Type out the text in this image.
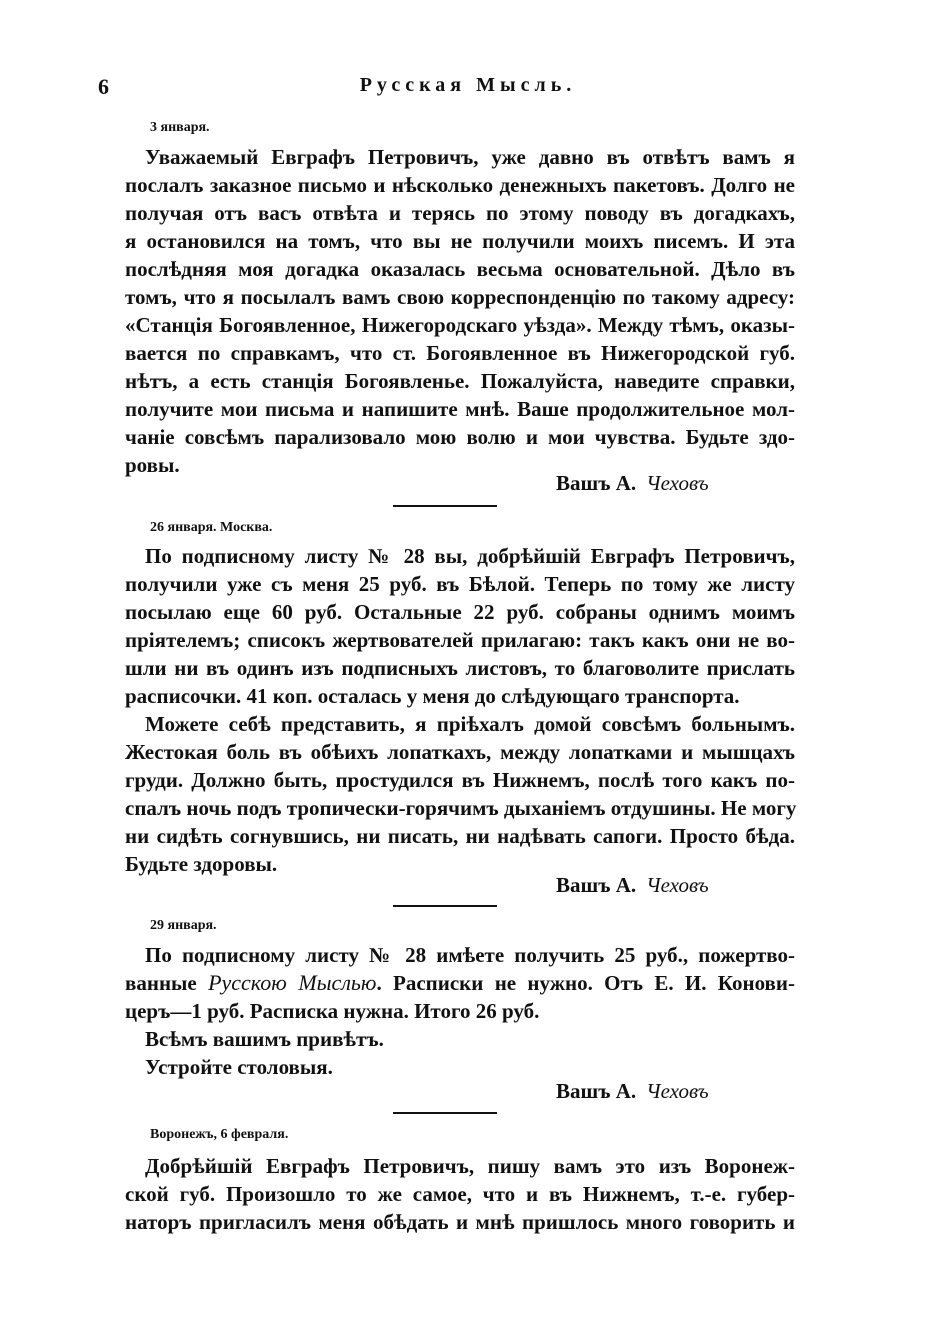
6	Русская Мысль.
3 января.
Уважаемый Евграфъ Петровичъ, уже давно въ отвѣтъ вамъ я
послалъ заказное письмо и нѣсколько денежныхъ пакетовъ. Долго не
получая отъ васъ отвѣта и терясь по этому поводу въ догадкахъ,
я остановился на томъ, что вы не получили моихъ писемъ. И эта
послѣдняя моя догадка оказалась весьма основательной. Дѣло въ
томъ, что я посылалъ вамъ свою корреспонденцію по такому адресу:
«Станція Богоявленное, Нижегородскаго уѣзда». Между тѣмъ, оказы-
вается по справкамъ, что ст. Богоявленное въ Нижегородской губ.
нѣтъ, а есть станція Богоявленье. Пожалуйста, наведите справки,
получите мои письма и напишите мнѣ. Ваше продолжительное мол-
чаніе совсѣмъ парализовало мою волю и мои чувства. Будьте здо-
ровы.
Вашъ А. Чеховъ
26 января. Москва.
По подписному листу № 28 вы, добрѣйшій Евграфъ Петровичъ,
получили уже съ меня 25 руб. въ Бѣлой. Теперь по тому же листу
посылаю еще 60 руб. Остальные 22 руб. собраны однимъ моимъ
пріятелемъ; списокъ жертвователей прилагаю: такъ какъ они не во-
шли ни въ одинъ изъ подписныхъ листовъ, то благоволите прислать
расписочки. 41 коп. осталась у меня до слѣдующаго транспорта.
Можете себѣ представить, я пріѣхалъ домой совсѣмъ больнымъ.
Жестокая боль въ обѣихъ лопаткахъ, между лопатками и мышцахъ
груди. Должно быть, простудился въ Нижнемъ, послѣ того какъ по-
спалъ ночь подъ тропически-горячимъ дыханіемъ отдушины. Не могу
ни сидѣть согнувшись, ни писать, ни надѣвать сапоги. Просто бѣда.
Будьте здоровы.
Вашъ А. Чеховъ
29 января.
По подписному листу № 28 имѣете получить 25 руб., пожертво-
ванные Русскою Мыслью. Расписки не нужно. Отъ Е. И. Конови-
церъ—1 руб. Расписка нужна. Итого 26 руб.
Всѣмъ вашимъ привѣтъ.
Устройте столовыя.
Вашъ А. Чеховъ
Воронежъ, 6 февраля.
Добрѣйшій Евграфъ Петровичъ, пишу вамъ это изъ Воронеж-
ской губ. Произошло то же самое, что и въ Нижнемъ, т.-е. губер-
наторъ пригласилъ меня обѣдать и мнѣ пришлось много говорить и
